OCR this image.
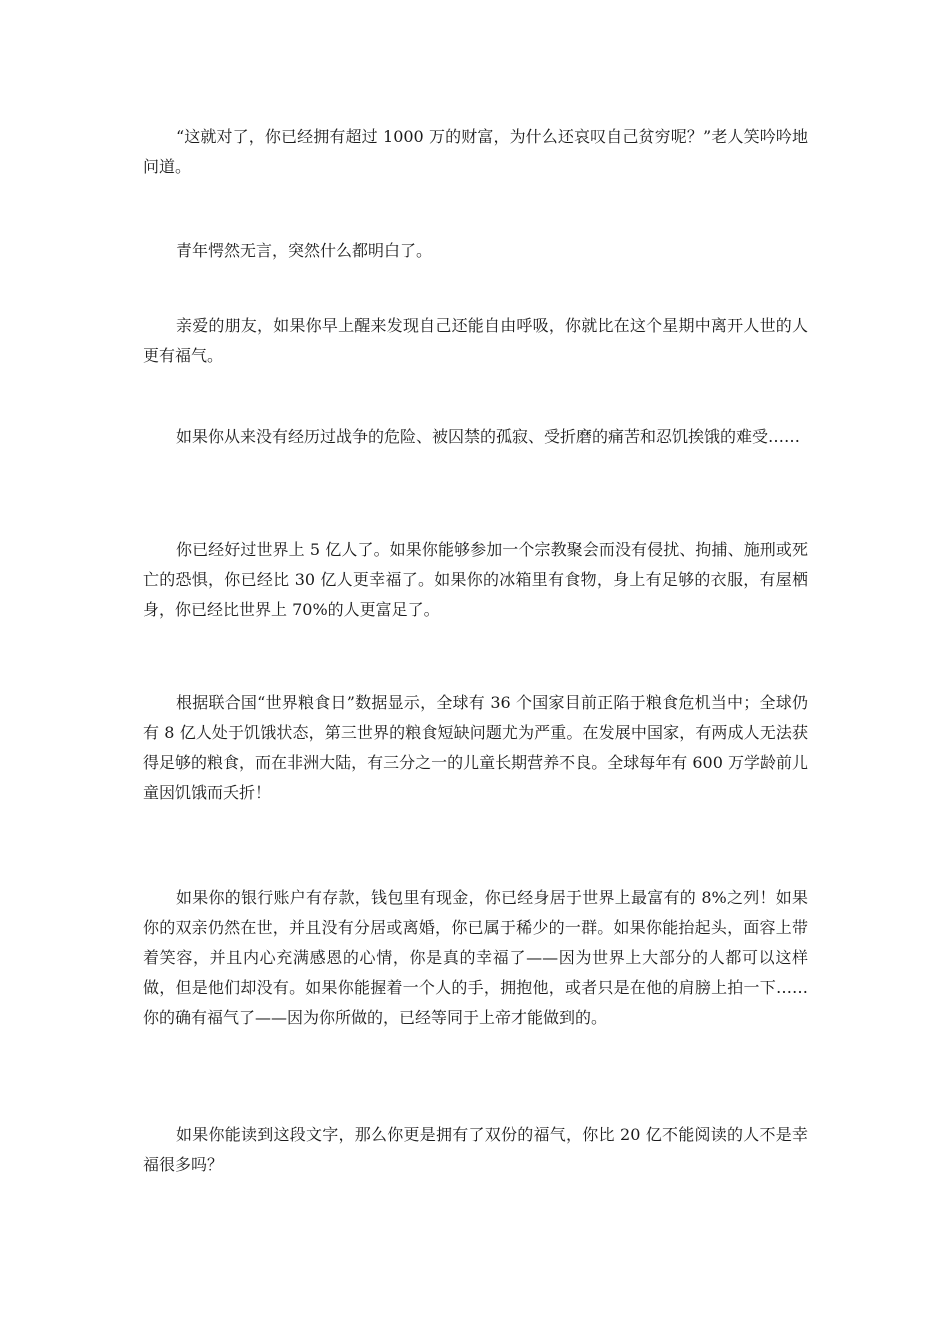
“这就对了，你已经拥有超过 1000 万的财富，为什么还哀叹自己贫穷呢？”老人笑吟吟地问道。

青年愕然无言，突然什么都明白了。

亲爱的朋友，如果你早上醒来发现自己还能自由呼吸，你就比在这个星期中离开人世的人更有福气。

如果你从来没有经历过战争的危险、被囚禁的孤寂、受折磨的痛苦和忍饥挨饿的难受……

你已经好过世界上 5 亿人了。如果你能够参加一个宗教聚会而没有侵扰、拘捕、施刑或死亡的恐惧，你已经比 30 亿人更幸福了。如果你的冰箱里有食物，身上有足够的衣服，有屋栖身，你已经比世界上 70%的人更富足了。

根据联合国“世界粮食日”数据显示，全球有 36 个国家目前正陷于粮食危机当中；全球仍有 8 亿人处于饥饿状态，第三世界的粮食短缺问题尤为严重。在发展中国家，有两成人无法获得足够的粮食，而在非洲大陆，有三分之一的儿童长期营养不良。全球每年有 600 万学龄前儿童因饥饿而夭折！

如果你的银行账户有存款，钱包里有现金，你已经身居于世界上最富有的 8%之列！如果你的双亲仍然在世，并且没有分居或离婚，你已属于稀少的一群。如果你能抬起头，面容上带着笑容，并且内心充满感恩的心情，你是真的幸福了——因为世界上大部分的人都可以这样做，但是他们却没有。如果你能握着一个人的手，拥抱他，或者只是在他的肩膀上拍一下……你的确有福气了——因为你所做的，已经等同于上帝才能做到的。

如果你能读到这段文字，那么你更是拥有了双份的福气，你比 20 亿不能阅读的人不是幸福很多吗？
